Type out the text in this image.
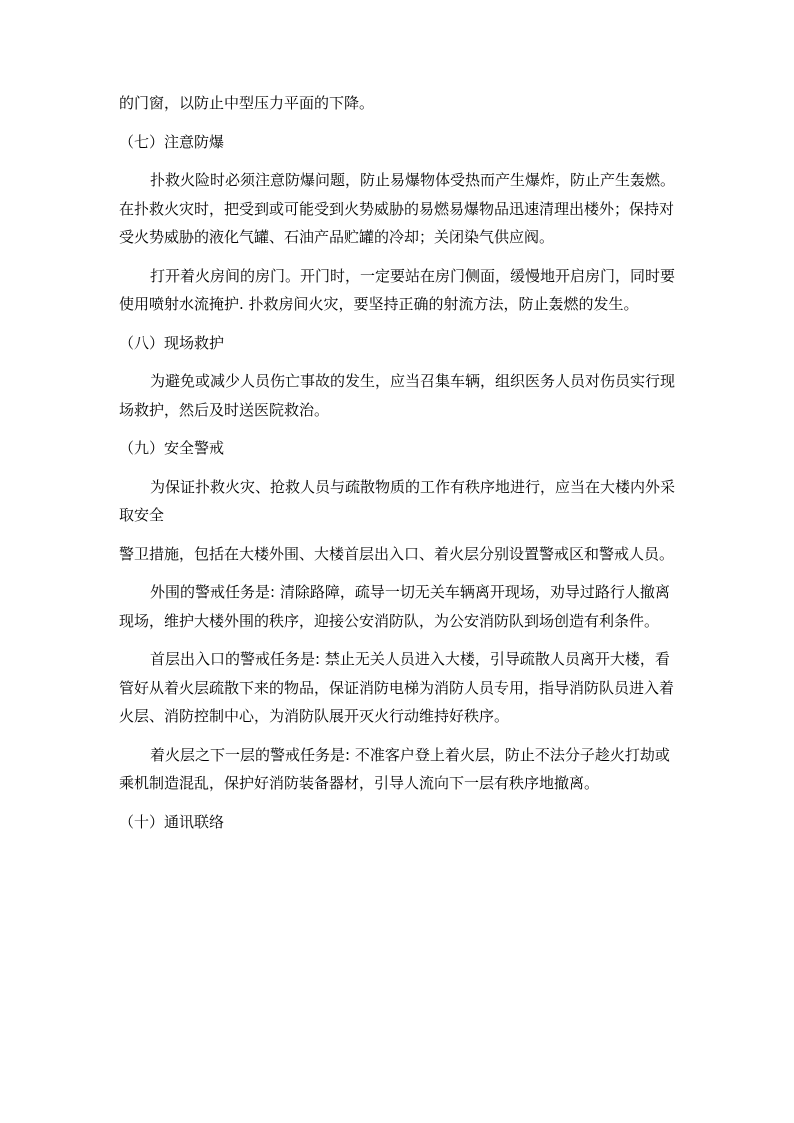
的门窗，以防止中型压力平面的下降。

（七）注意防爆

扑救火险时必须注意防爆问题，防止易爆物体受热而产生爆炸，防止产生轰燃。在扑救火灾时，把受到或可能受到火势威胁的易燃易爆物品迅速清理出楼外；保持对受火势威胁的液化气罐、石油产品贮罐的冷却；关闭染气供应阀。

打开着火房间的房门。开门时，一定要站在房门侧面，缓慢地开启房门，同时要使用喷射水流掩护. 扑救房间火灾，要坚持正确的射流方法，防止轰燃的发生。

（八）现场救护

为避免或减少人员伤亡事故的发生，应当召集车辆，组织医务人员对伤员实行现场救护，然后及时送医院救治。

（九）安全警戒

为保证扑救火灾、抢救人员与疏散物质的工作有秩序地进行，应当在大楼内外采取安全

警卫措施，包括在大楼外围、大楼首层出入口、着火层分别设置警戒区和警戒人员。

外围的警戒任务是: 清除路障，疏导一切无关车辆离开现场，劝导过路行人撤离现场，维护大楼外围的秩序，迎接公安消防队，为公安消防队到场创造有利条件。

首层出入口的警戒任务是: 禁止无关人员进入大楼，引导疏散人员离开大楼，看管好从着火层疏散下来的物品，保证消防电梯为消防人员专用，指导消防队员进入着火层、消防控制中心，为消防队展开灭火行动维持好秩序。

着火层之下一层的警戒任务是: 不准客户登上着火层，防止不法分子趁火打劫或乘机制造混乱，保护好消防装备器材，引导人流向下一层有秩序地撤离。

（十）通讯联络
